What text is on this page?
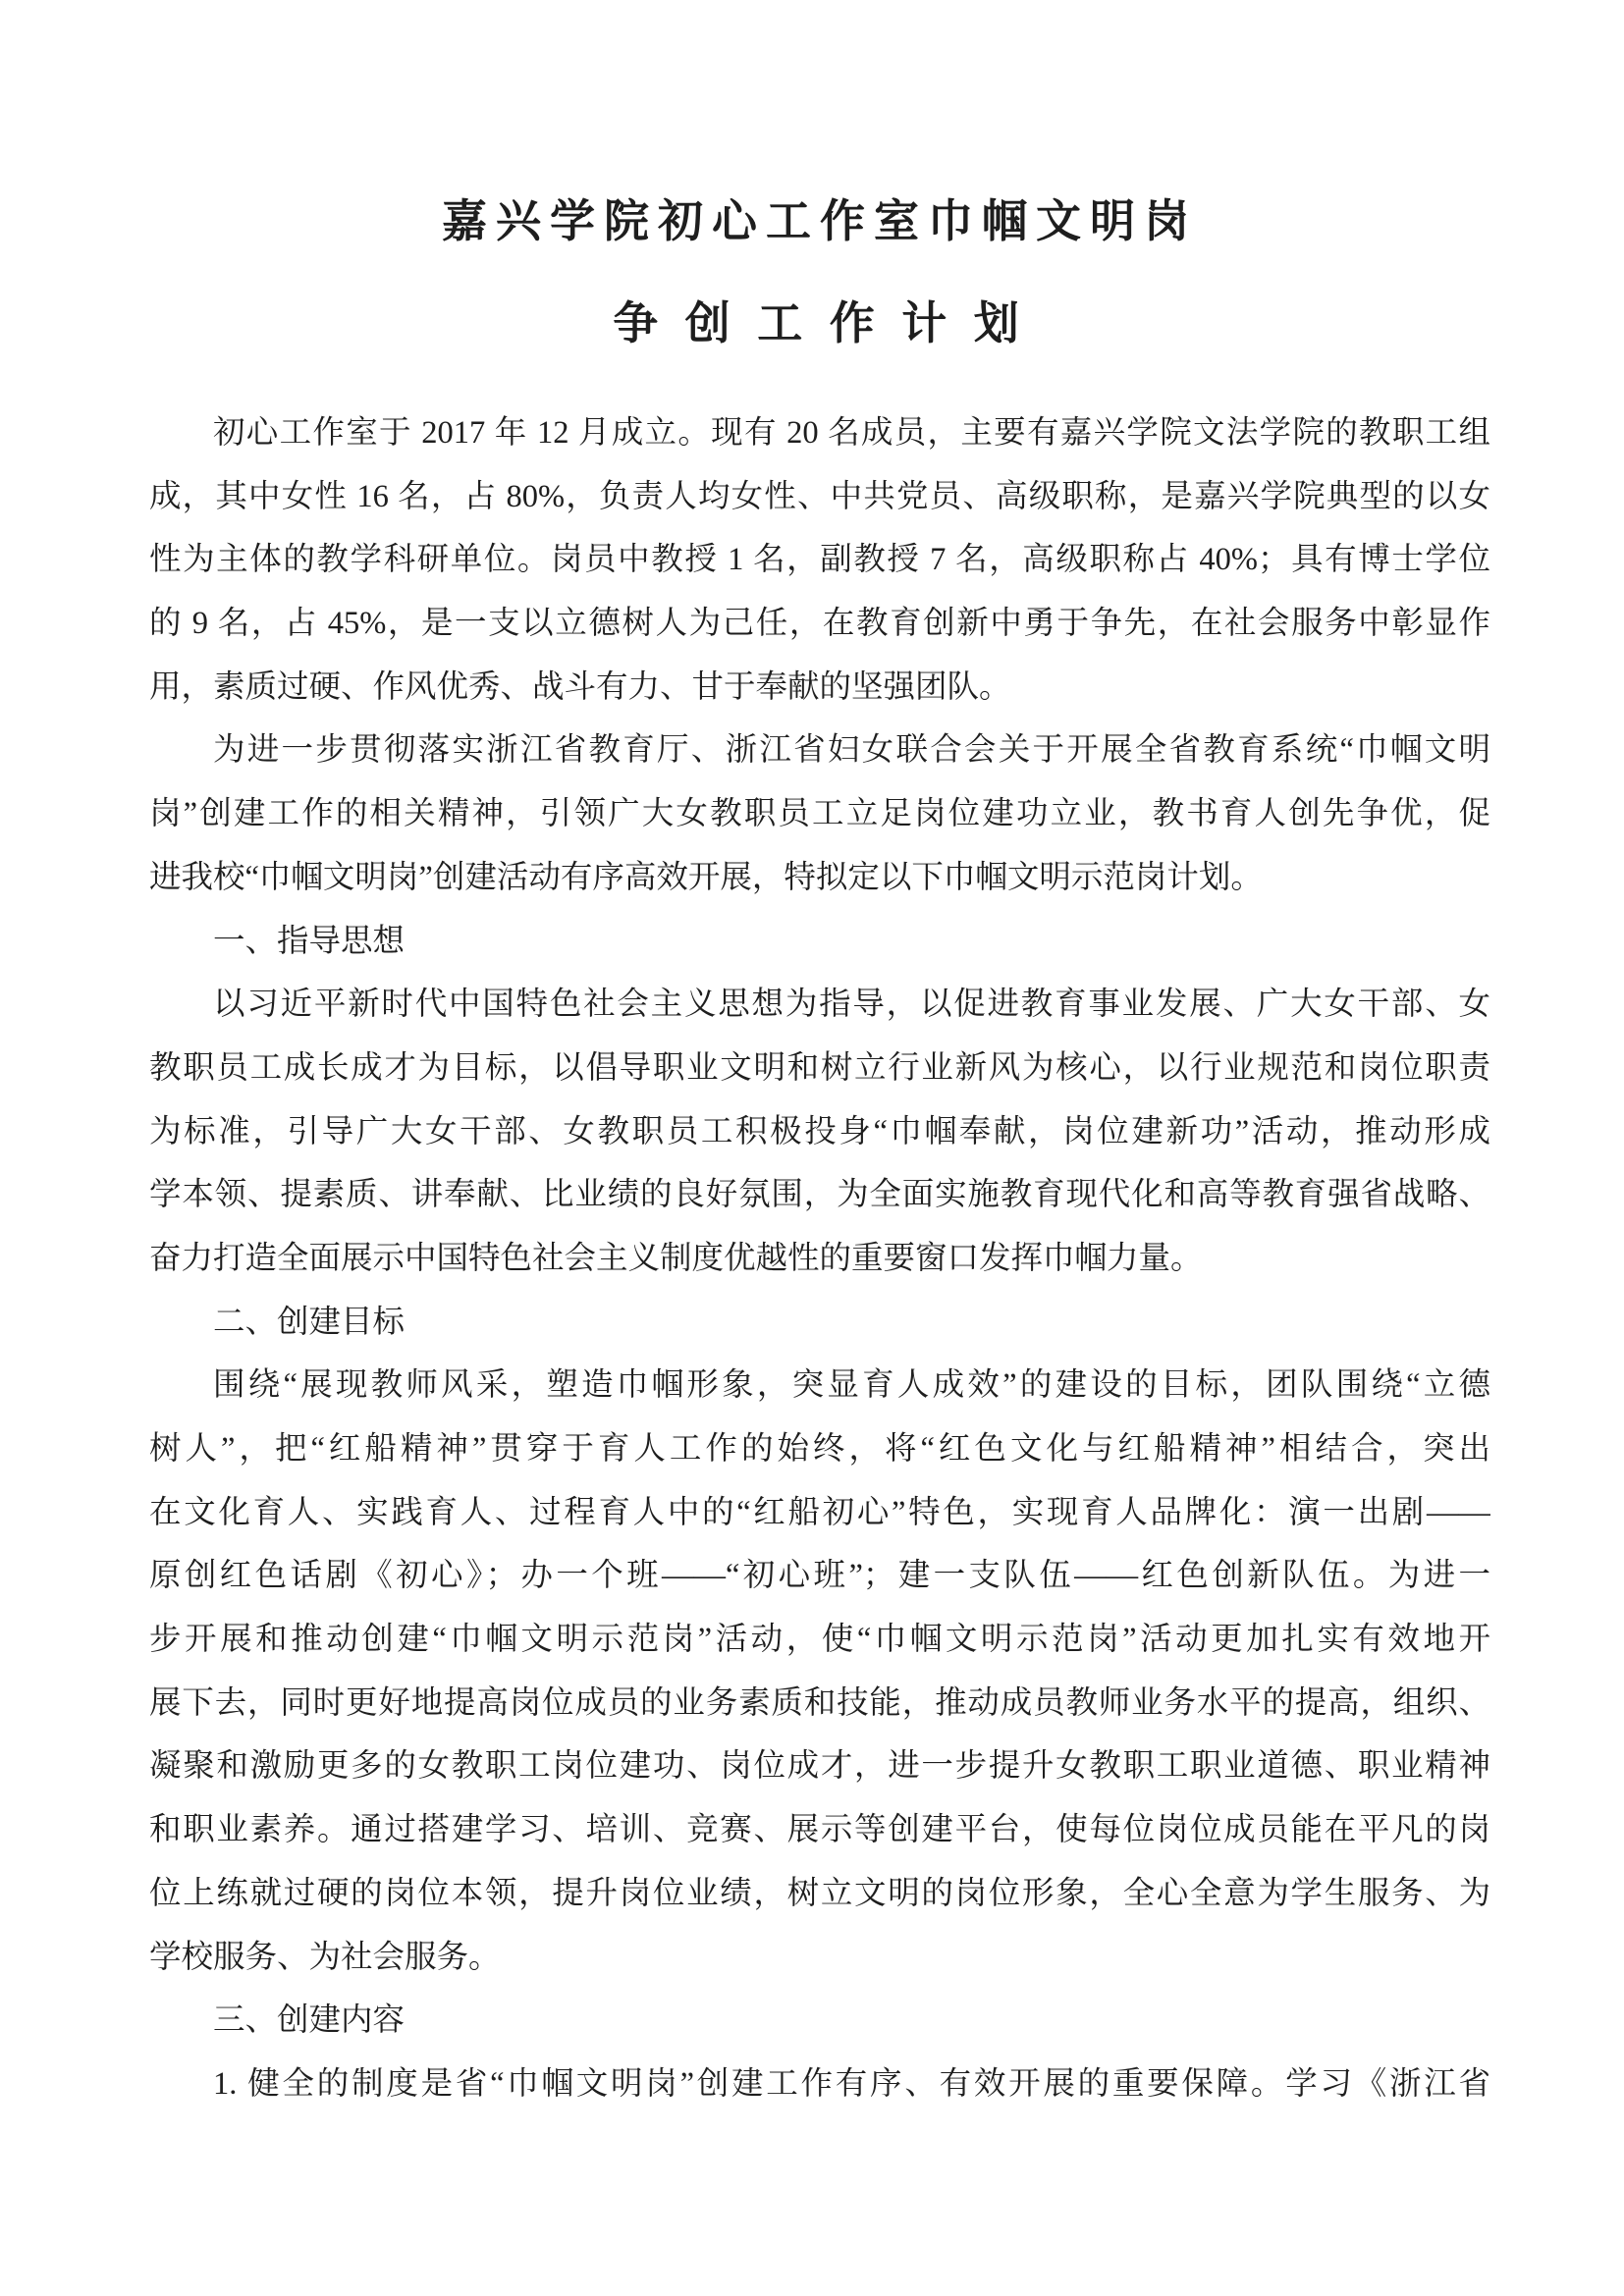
嘉兴学院初心工作室巾帼文明岗
争 创 工 作 计 划
初心工作室于 2017 年 12 月成立。现有 20 名成员，主要有嘉兴学院文法学院的教职工组
成，其中女性 16 名，占 80%，负责人均女性、中共党员、高级职称，是嘉兴学院典型的以女
性为主体的教学科研单位。岗员中教授 1 名，副教授 7 名，高级职称占 40%；具有博士学位
的 9 名，占 45%，是一支以立德树人为己任，在教育创新中勇于争先，在社会服务中彰显作
用，素质过硬、作风优秀、战斗有力、甘于奉献的坚强团队。
为进一步贯彻落实浙江省教育厅、浙江省妇女联合会关于开展全省教育系统“巾帼文明
岗”创建工作的相关精神，引领广大女教职员工立足岗位建功立业，教书育人创先争优，促
进我校“巾帼文明岗”创建活动有序高效开展，特拟定以下巾帼文明示范岗计划。
一、指导思想
以习近平新时代中国特色社会主义思想为指导，以促进教育事业发展、广大女干部、女
教职员工成长成才为目标，以倡导职业文明和树立行业新风为核心，以行业规范和岗位职责
为标准，引导广大女干部、女教职员工积极投身“巾帼奉献，岗位建新功”活动，推动形成
学本领、提素质、讲奉献、比业绩的良好氛围，为全面实施教育现代化和高等教育强省战略、
奋力打造全面展示中国特色社会主义制度优越性的重要窗口发挥巾帼力量。
二、创建目标
围绕“展现教师风采，塑造巾帼形象，突显育人成效”的建设的目标，团队围绕“立德
树人”，把“红船精神”贯穿于育人工作的始终，将“红色文化与红船精神”相结合，突出
在文化育人、实践育人、过程育人中的“红船初心”特色，实现育人品牌化：演一出剧——
原创红色话剧《初心》；办一个班——“初心班”；建一支队伍——红色创新队伍。为进一
步开展和推动创建“巾帼文明示范岗”活动，使“巾帼文明示范岗”活动更加扎实有效地开
展下去，同时更好地提高岗位成员的业务素质和技能，推动成员教师业务水平的提高，组织、
凝聚和激励更多的女教职工岗位建功、岗位成才，进一步提升女教职工职业道德、职业精神
和职业素养。通过搭建学习、培训、竞赛、展示等创建平台，使每位岗位成员能在平凡的岗
位上练就过硬的岗位本领，提升岗位业绩，树立文明的岗位形象，全心全意为学生服务、为
学校服务、为社会服务。
三、创建内容
1. 健全的制度是省“巾帼文明岗”创建工作有序、有效开展的重要保障。学习《浙江省
